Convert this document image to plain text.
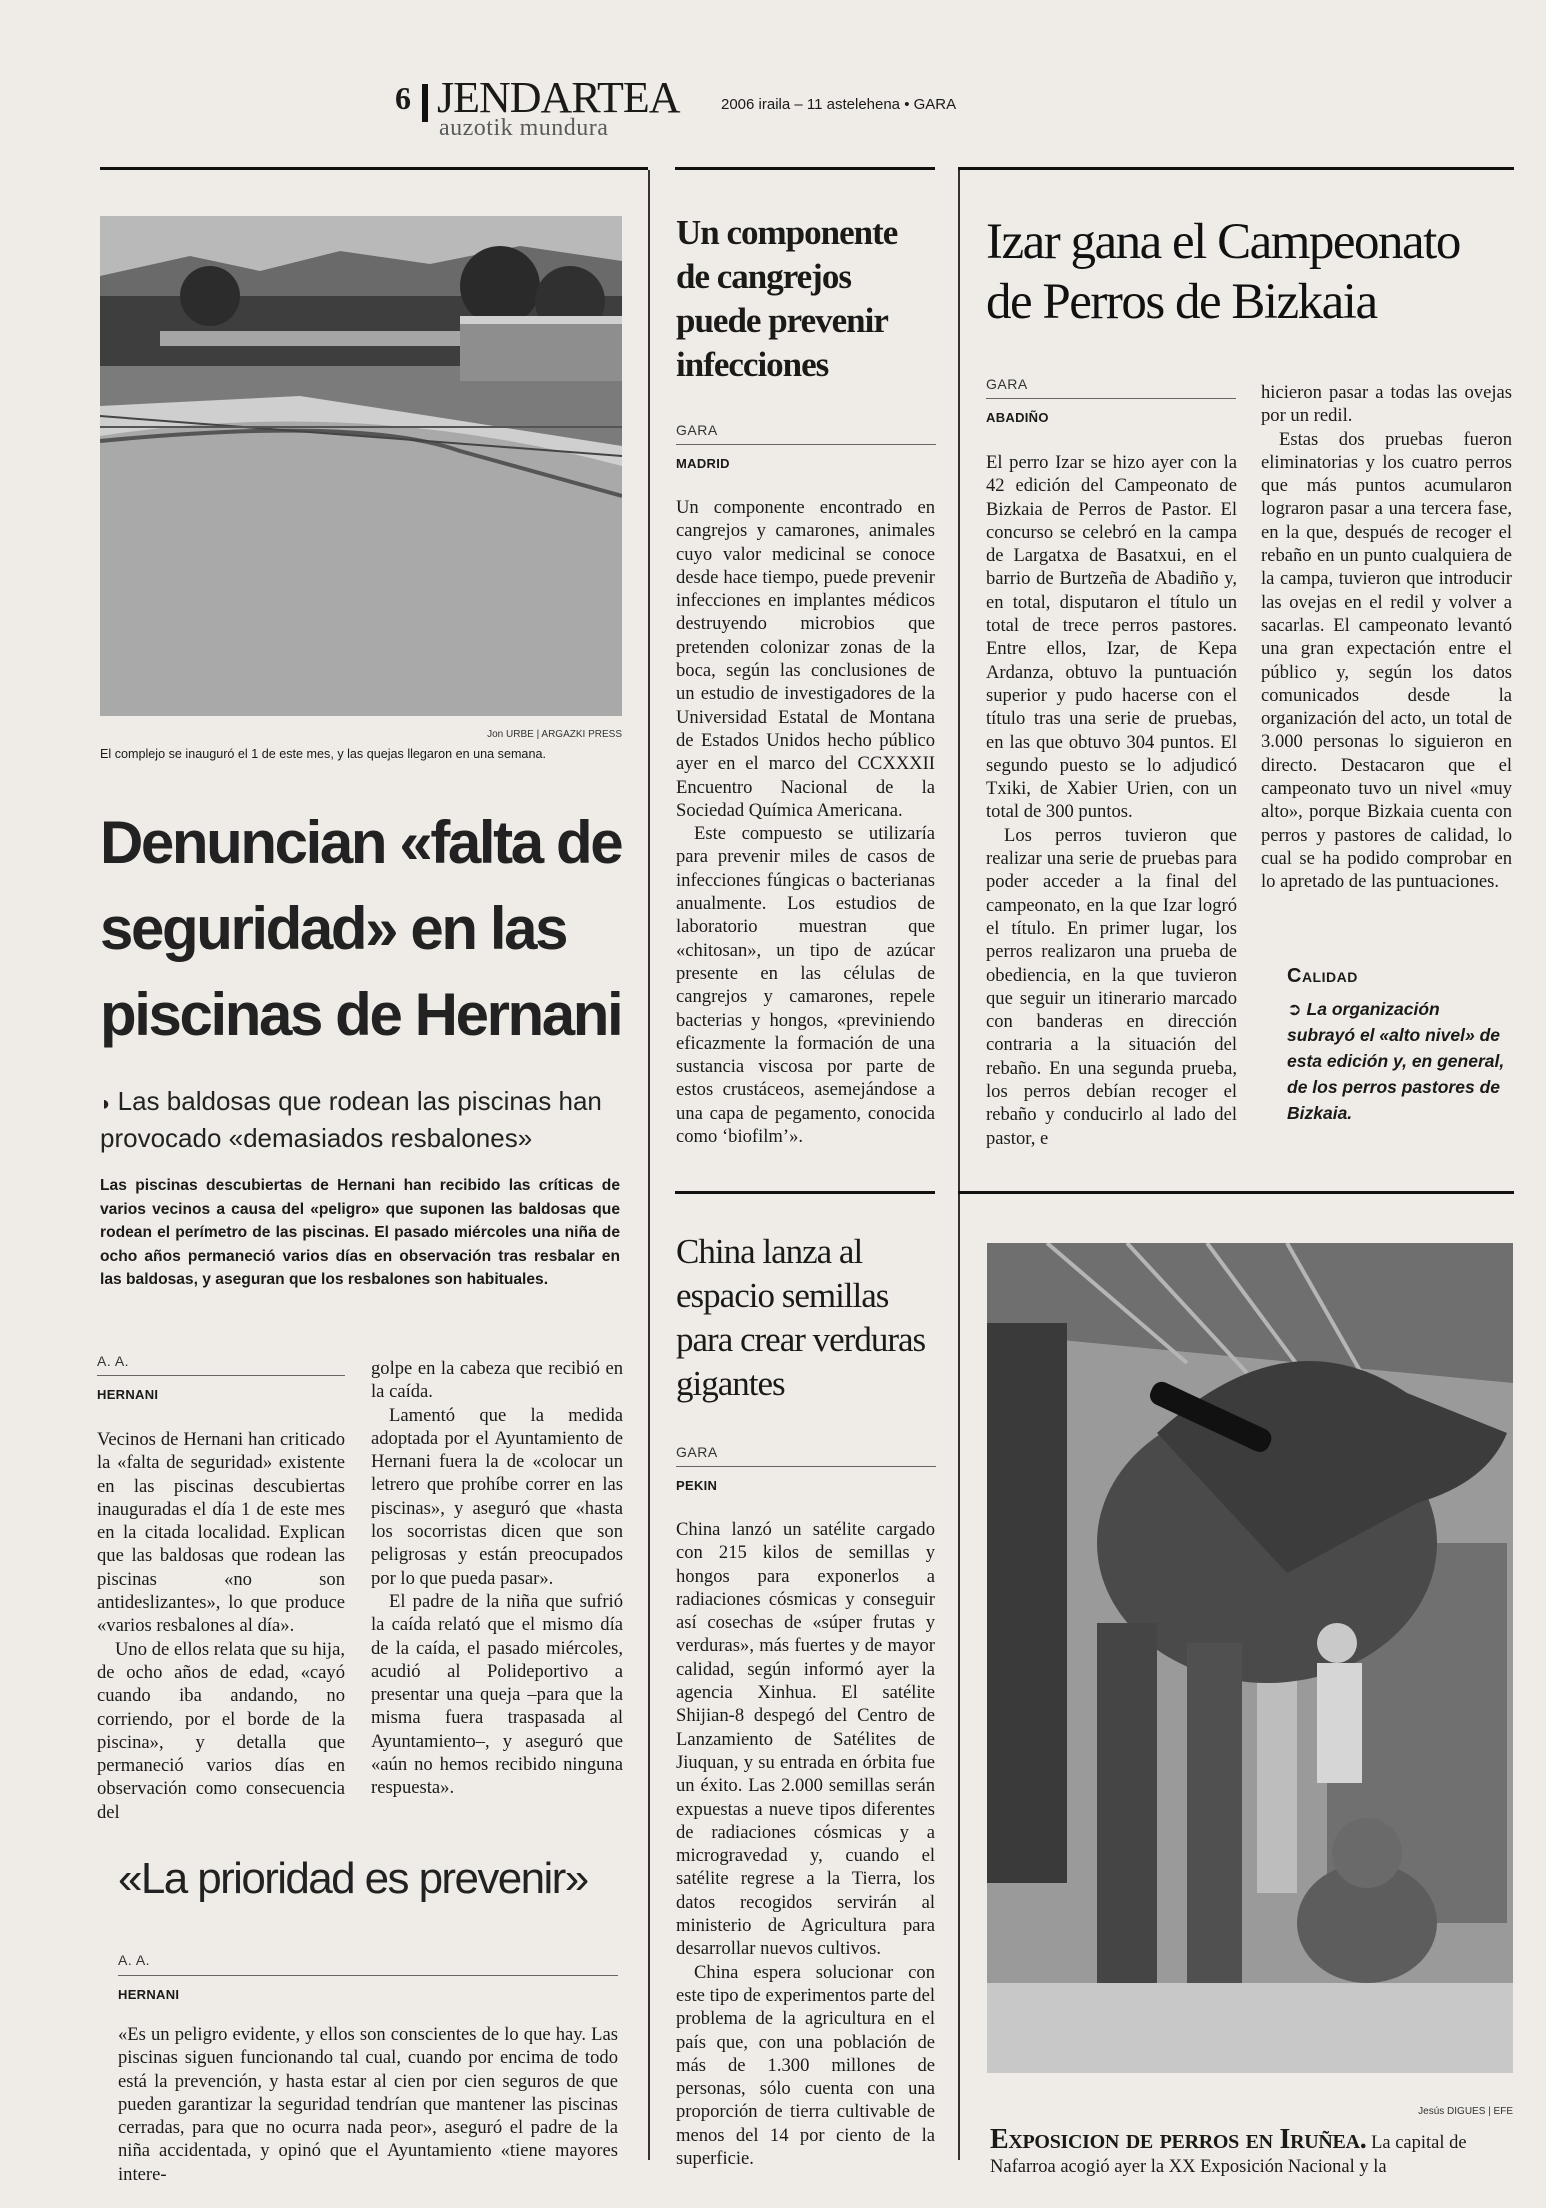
6 JENDARTEA
auzotik mundura
2006 iraila – 11 astelehena • GARA
Jon URBE | ARGAZKI PRESS
El complejo se inauguró el 1 de este mes, y las quejas llegaron en una semana.
Denuncian «falta de seguridad» en las piscinas de Hernani
◗ Las baldosas que rodean las piscinas han provocado «demasiados resbalones»
Las piscinas descubiertas de Hernani han recibido las críticas de varios vecinos a causa del «peligro» que suponen las baldosas que rodean el perímetro de las piscinas. El pasado miércoles una niña de ocho años permaneció varios días en observación tras resbalar en las baldosas, y aseguran que los resbalones son habituales.
A. A.
HERNANI

Vecinos de Hernani han criticado la «falta de seguridad» existente en las piscinas descubiertas inauguradas el día 1 de este mes en la citada localidad. Explican que las baldosas que rodean las piscinas «no son antideslizantes», lo que produce «varios resbalones al día».

Uno de ellos relata que su hija, de ocho años de edad, «cayó cuando iba andando, no corriendo, por el borde de la piscina», y detalla que permaneció varios días en observación como consecuencia del

golpe en la cabeza que recibió en la caída.

Lamentó que la medida adoptada por el Ayuntamiento de Hernani fuera la de «colocar un letrero que prohíbe correr en las piscinas», y aseguró que «hasta los socorristas dicen que son peligrosas y están preocupados por lo que pueda pasar».

El padre de la niña que sufrió la caída relató que el mismo día de la caída, el pasado miércoles, acudió al Polideportivo a presentar una queja –para que la misma fuera traspasada al Ayuntamiento–, y aseguró que «aún no hemos recibido ninguna respuesta».

«La prioridad es prevenir»
A. A.
HERNANI
«Es un peligro evidente, y ellos son conscientes de lo que hay. Las piscinas siguen funcionando tal cual, cuando por encima de todo está la prevención, y hasta estar al cien por cien seguros de que pueden garantizar la seguridad tendrían que mantener las piscinas cerradas, para que no ocurra nada peor», aseguró el padre de la niña accidentada, y opinó que el Ayuntamiento «tiene mayores intere-
Un componente de cangrejos puede prevenir infecciones
GARA
MADRID

Un componente encontrado en cangrejos y camarones, animales cuyo valor medicinal se conoce desde hace tiempo, puede prevenir infecciones en implantes médicos destruyendo microbios que pretenden colonizar zonas de la boca, según las conclusiones de un estudio de investigadores de la Universidad Estatal de Montana de Estados Unidos hecho público ayer en el marco del CCXXXII Encuentro Nacional de la Sociedad Química Americana.

Este compuesto se utilizaría para prevenir miles de casos de infecciones fúngicas o bacterianas anualmente. Los estudios de laboratorio muestran que «chitosan», un tipo de azúcar presente en las células de cangrejos y camarones, repele bacterias y hongos, «previniendo eficazmente la formación de una sustancia viscosa por parte de estos crustáceos, asemejándose a una capa de pegamento, conocida como ‘biofilm’».

Izar gana el Campeonato de Perros de Bizkaia
GARA
ABADIÑO

El perro Izar se hizo ayer con la 42 edición del Campeonato de Bizkaia de Perros de Pastor. El concurso se celebró en la campa de Largatxa de Basatxui, en el barrio de Burtzeña de Abadiño y, en total, disputaron el título un total de trece perros pastores. Entre ellos, Izar, de Kepa Ardanza, obtuvo la puntuación superior y pudo hacerse con el título tras una serie de pruebas, en las que obtuvo 304 puntos. El segundo puesto se lo adjudicó Txiki, de Xabier Urien, con un total de 300 puntos.

Los perros tuvieron que realizar una serie de pruebas para poder acceder a la final del campeonato, en la que Izar logró el título. En primer lugar, los perros realizaron una prueba de obediencia, en la que tuvieron que seguir un itinerario marcado con banderas en dirección contraria a la situación del rebaño. En una segunda prueba, los perros debían recoger el rebaño y conducirlo al lado del pastor, e

hicieron pasar a todas las ovejas por un redil.

Estas dos pruebas fueron eliminatorias y los cuatro perros que más puntos acumularon lograron pasar a una tercera fase, en la que, después de recoger el rebaño en un punto cualquiera de la campa, tuvieron que introducir las ovejas en el redil y volver a sacarlas. El campeonato levantó una gran expectación entre el público y, según los datos comunicados desde la organización del acto, un total de 3.000 personas lo siguieron en directo. Destacaron que el campeonato tuvo un nivel «muy alto», porque Bizkaia cuenta con perros y pastores de calidad, lo cual se ha podido comprobar en lo apretado de las puntuaciones.

Calidad
➲ La organización subrayó el «alto nivel» de esta edición y, en general, de los perros pastores de Bizkaia.
China lanza al espacio semillas para crear verduras gigantes
GARA
PEKIN

China lanzó un satélite cargado con 215 kilos de semillas y hongos para exponerlos a radiaciones cósmicas y conseguir así cosechas de «súper frutas y verduras», más fuertes y de mayor calidad, según informó ayer la agencia Xinhua. El satélite Shijian-8 despegó del Centro de Lanzamiento de Satélites de Jiuquan, y su entrada en órbita fue un éxito. Las 2.000 semillas serán expuestas a nueve tipos diferentes de radiaciones cósmicas y a microgravedad y, cuando el satélite regrese a la Tierra, los datos recogidos servirán al ministerio de Agricultura para desarrollar nuevos cultivos.

China espera solucionar con este tipo de experimentos parte del problema de la agricultura en el país que, con una población de más de 1.300 millones de personas, sólo cuenta con una proporción de tierra cultivable de menos del 14 por ciento de la superficie.

Jesús DIGUES | EFE
Exposicion de perros en Iruñea. La capital de Nafarroa acogió ayer la XX Exposición Nacional y la
